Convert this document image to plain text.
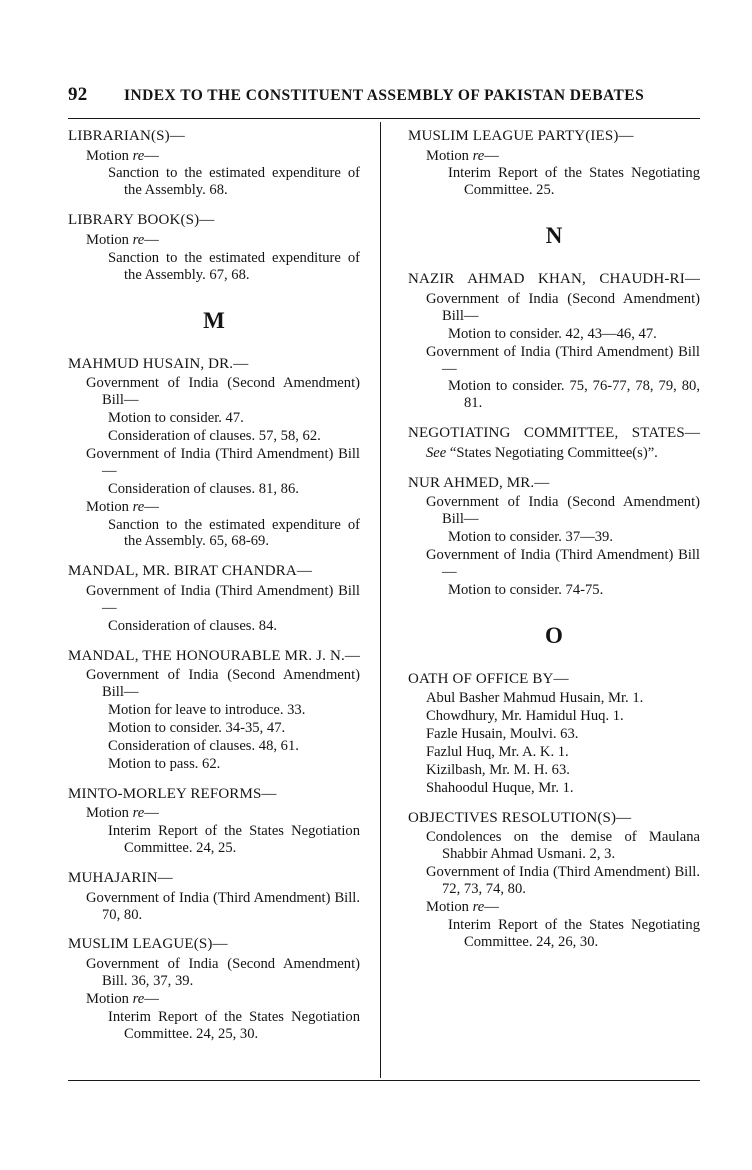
92	INDEX TO THE CONSTITUENT ASSEMBLY OF PAKISTAN DEBATES
LIBRARIAN(S)—
Motion re—
Sanction to the estimated expenditure of the Assembly. 68.
LIBRARY BOOK(S)—
Motion re—
Sanction to the estimated expenditure of the Assembly. 67, 68.
M
MAHMUD HUSAIN, DR.—
Government of India (Second Amendment) Bill—
Motion to consider. 47.
Consideration of clauses. 57, 58, 62.
Government of India (Third Amendment) Bill—
Consideration of clauses. 81, 86.
Motion re—
Sanction to the estimated expenditure of the Assembly. 65, 68-69.
MANDAL, MR. BIRAT CHANDRA—
Government of India (Third Amendment) Bill—
Consideration of clauses. 84.
MANDAL, THE HONOURABLE MR. J. N.—
Government of India (Second Amendment) Bill—
Motion for leave to introduce. 33.
Motion to consider. 34-35, 47.
Consideration of clauses. 48, 61.
Motion to pass. 62.
MINTO-MORLEY REFORMS—
Motion re—
Interim Report of the States Negotiation Committee. 24, 25.
MUHAJARIN—
Government of India (Third Amendment) Bill. 70, 80.
MUSLIM LEAGUE(S)—
Government of India (Second Amendment) Bill. 36, 37, 39.
Motion re—
Interim Report of the States Negotiation Committee. 24, 25, 30.
MUSLIM LEAGUE PARTY(IES)—
Motion re—
Interim Report of the States Negotiating Committee. 25.
N
NAZIR AHMAD KHAN, CHAUDH-RI—
Government of India (Second Amendment) Bill—
Motion to consider. 42, 43—46, 47.
Government of India (Third Amendment) Bill—
Motion to consider. 75, 76-77, 78, 79, 80, 81.
NEGOTIATING COMMITTEE, STATES—
See “States Negotiating Committee(s)”.
NUR AHMED, MR.—
Government of India (Second Amendment) Bill—
Motion to consider. 37—39.
Government of India (Third Amendment) Bill—
Motion to consider. 74-75.
O
OATH OF OFFICE BY—
Abul Basher Mahmud Husain, Mr. 1.
Chowdhury, Mr. Hamidul Huq. 1.
Fazle Husain, Moulvi. 63.
Fazlul Huq, Mr. A. K. 1.
Kizilbash, Mr. M. H. 63.
Shahoodul Huque, Mr. 1.
OBJECTIVES RESOLUTION(S)—
Condolences on the demise of Maulana Shabbir Ahmad Usmani. 2, 3.
Government of India (Third Amendment) Bill. 72, 73, 74, 80.
Motion re—
Interim Report of the States Negotiating Committee. 24, 26, 30.
